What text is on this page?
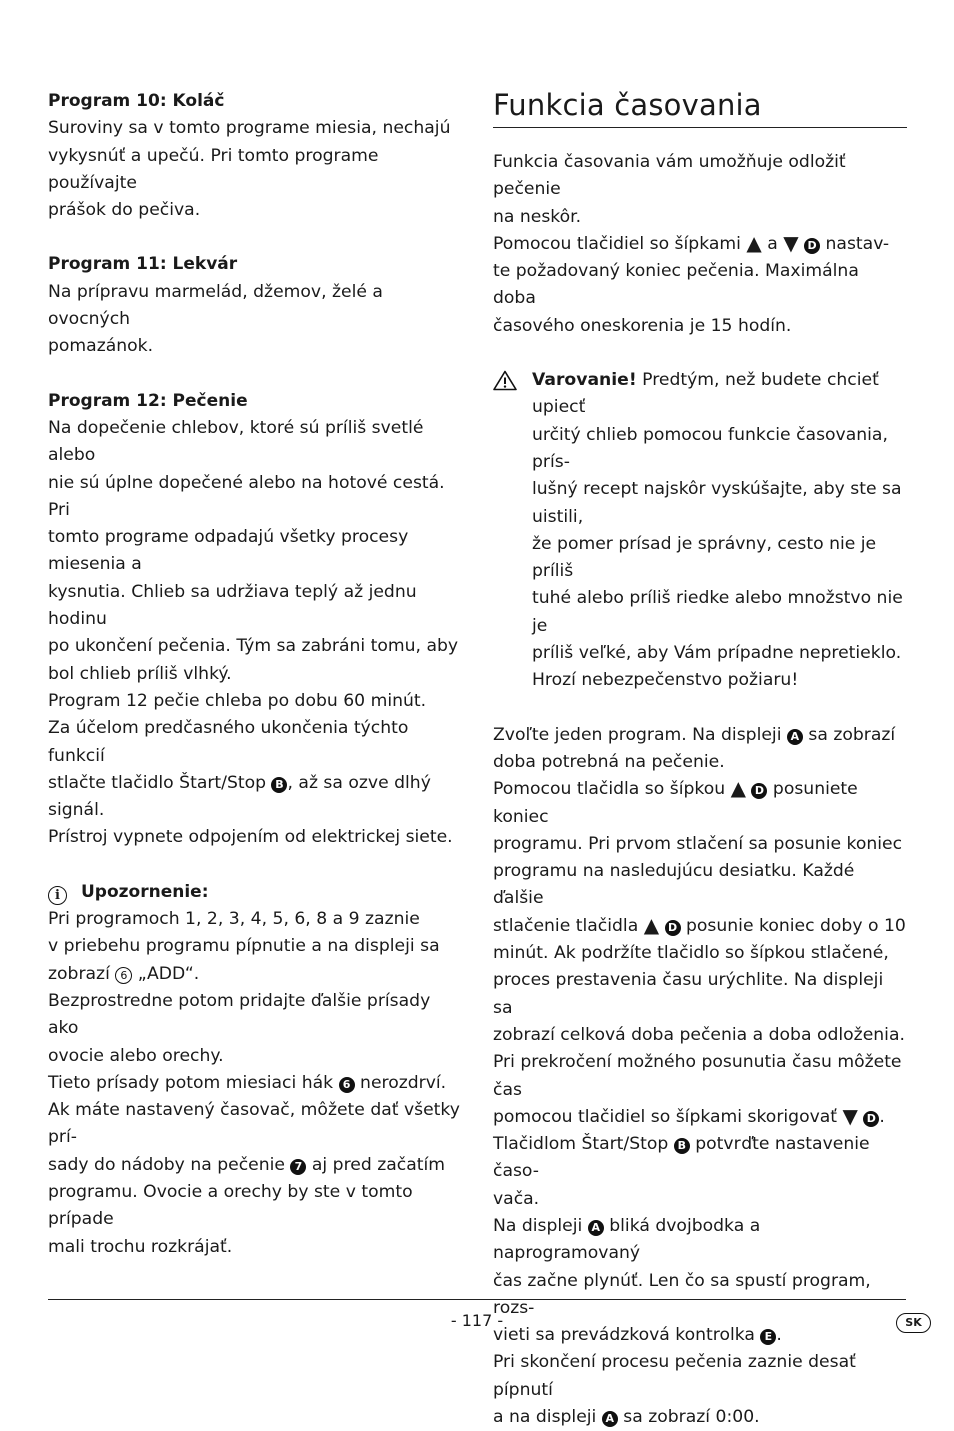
Program 10: Koláč

Suroviny sa v tomto programe miesia, nechajú

vykysnúť a upečú. Pri tomto programe používajte

prášok do pečiva.

Program 11: Lekvár

Na prípravu marmelád, džemov, želé a ovocných

pomazánok.

Program 12: Pečenie

Na dopečenie chlebov, ktoré sú príliš svetlé alebo

nie sú úplne dopečené alebo na hotové cestá. Pri

tomto programe odpadajú všetky procesy miesenia a

kysnutia. Chlieb sa udržiava teplý až jednu hodinu

po ukončení pečenia. Tým sa zabráni tomu, aby

bol chlieb príliš vlhký.

Program 12 pečie chleba po dobu 60 minút.

Za účelom predčasného ukončenia týchto funkcií

stlačte tlačidlo Štart/Stop B , až sa ozve dlhý signál.

Prístroj vypnete odpojením od elektrickej siete.

i Upozornenie:

Pri programoch 1, 2, 3, 4, 5, 6, 8 a 9 zaznie

v priebehu programu pípnutie a na displeji sa

zobrazí 6 „ADD“.

Bezprostredne potom pridajte ďalšie prísady ako

ovocie alebo orechy.

Tieto prísady potom miesiaci hák 6 nerozdrví.

Ak máte nastavený časovač, môžete dať všetky prí-

sady do nádoby na pečenie 7 aj pred začatím

programu. Ovocie a orechy by ste v tomto prípade

mali trochu rozkrájať.

Funkcia časovania

Funkcia časovania vám umožňuje odložiť pečenie

na neskôr.

Pomocou tlačidiel so šípkami ▲ a ▼ D nastav-

te požadovaný koniec pečenia. Maximálna doba

časového oneskorenia je 15 hodín.

Varovanie! Predtým, než budete chcieť upiecť

určitý chlieb pomocou funkcie časovania, prís-

lušný recept najskôr vyskúšajte, aby ste sa uistili,

že pomer prísad je správny, cesto nie je príliš

tuhé alebo príliš riedke alebo množstvo nie je

príliš veľké, aby Vám prípadne nepretieklo.

Hrozí nebezpečenstvo požiaru!

Zvoľte jeden program. Na displeji A sa zobrazí

doba potrebná na pečenie.

Pomocou tlačidla so šípkou ▲ D posuniete koniec

programu. Pri prvom stlačení sa posunie koniec

programu na nasledujúcu desiatku. Každé ďalšie

stlačenie tlačidla ▲ D posunie koniec doby o 10

minút. Ak podržíte tlačidlo so šípkou stlačené,

proces prestavenia času urýchlite. Na displeji sa

zobrazí celková doba pečenia a doba odloženia.

Pri prekročení možného posunutia času môžete čas

pomocou tlačidiel so šípkami skorigovať ▼ D .

Tlačidlom Štart/Stop B potvrďte nastavenie časo-

vača.

Na displeji A bliká dvojbodka a naprogramovaný

čas začne plynúť. Len čo sa spustí program, rozs-

vieti sa prevádzková kontrolka E .

Pri skončení procesu pečenia zaznie desať pípnutí

a na displeji A sa zobrazí 0:00.

- 117 -	SK
